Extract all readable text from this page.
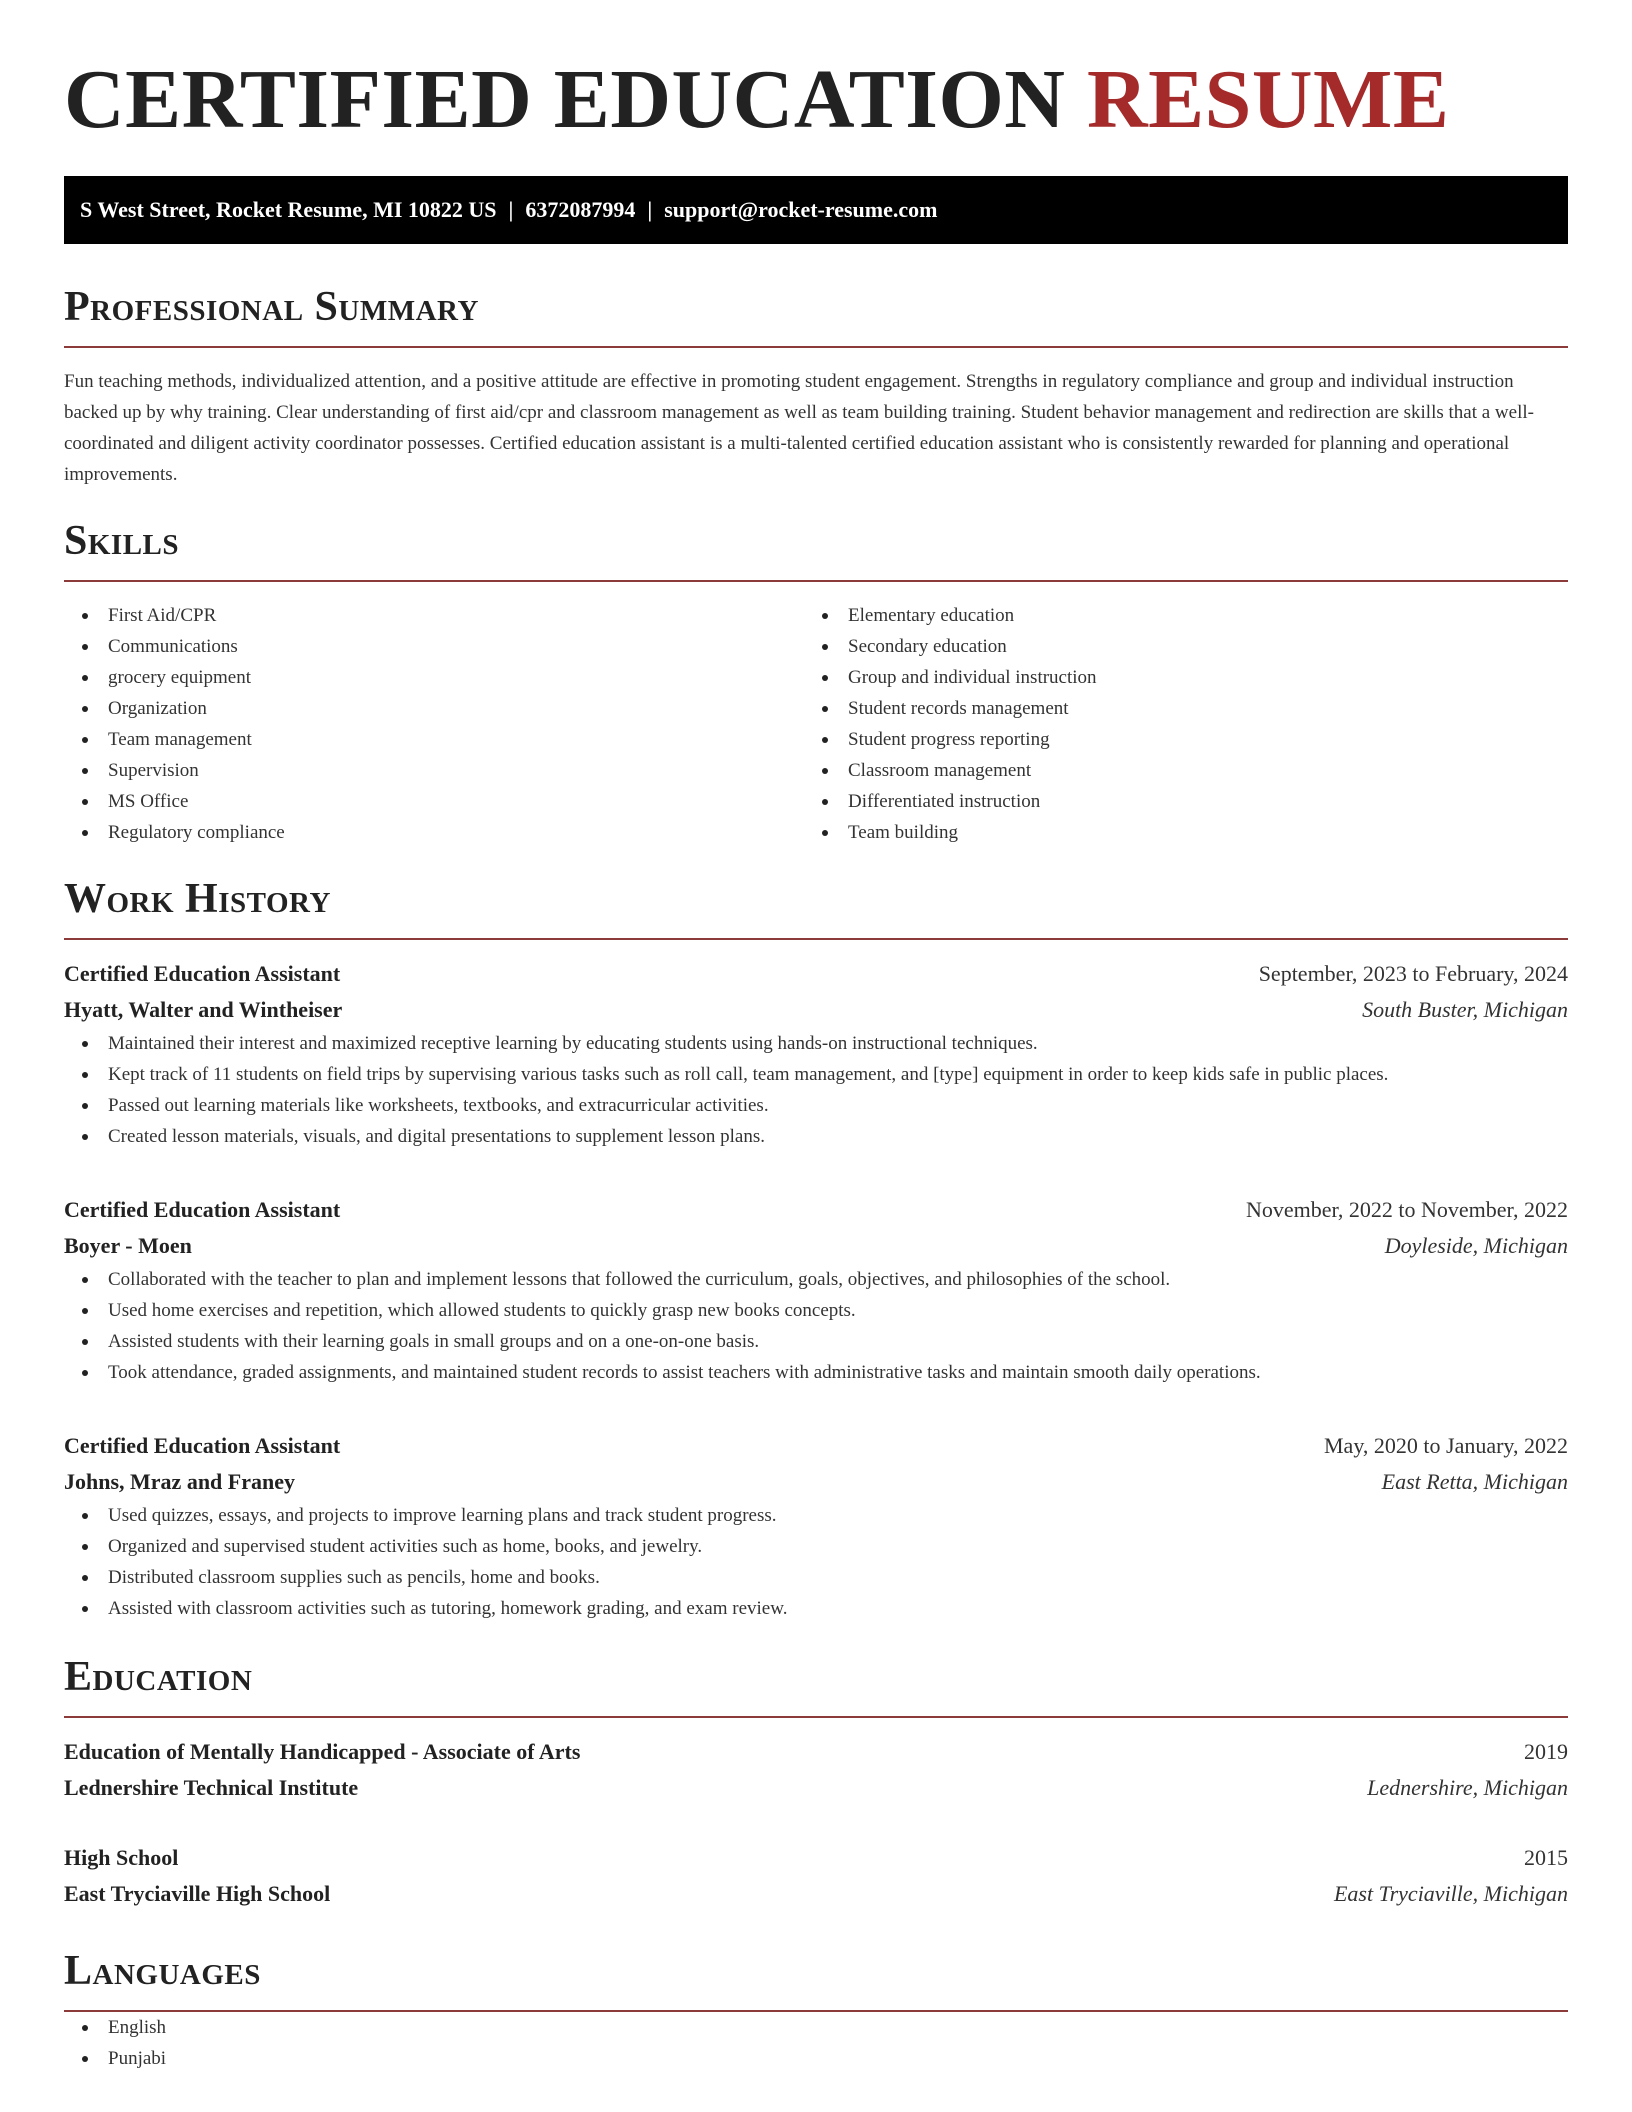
CERTIFIED EDUCATION RESUME
S West Street, Rocket Resume, MI 10822 US | 6372087994 | support@rocket-resume.com
Professional Summary

Fun teaching methods, individualized attention, and a positive attitude are effective in promoting student engagement. Strengths in regulatory compliance and group and individual instruction backed up by why training. Clear understanding of first aid/cpr and classroom management as well as team building training. Student behavior management and redirection are skills that a well-coordinated and diligent activity coordinator possesses. Certified education assistant is a multi-talented certified education assistant who is consistently rewarded for planning and operational improvements.

Skills
First Aid/CPR
Communications
grocery equipment
Organization
Team management
Supervision
MS Office
Regulatory compliance
Elementary education
Secondary education
Group and individual instruction
Student records management
Student progress reporting
Classroom management
Differentiated instruction
Team building
Work History
Certified Education Assistant	September, 2023 to February, 2024
Hyatt, Walter and Wintheiser	South Buster, Michigan
Maintained their interest and maximized receptive learning by educating students using hands-on instructional techniques.
Kept track of 11 students on field trips by supervising various tasks such as roll call, team management, and [type] equipment in order to keep kids safe in public places.
Passed out learning materials like worksheets, textbooks, and extracurricular activities.
Created lesson materials, visuals, and digital presentations to supplement lesson plans.
Certified Education Assistant	November, 2022 to November, 2022
Boyer - Moen	Doyleside, Michigan
Collaborated with the teacher to plan and implement lessons that followed the curriculum, goals, objectives, and philosophies of the school.
Used home exercises and repetition, which allowed students to quickly grasp new books concepts.
Assisted students with their learning goals in small groups and on a one-on-one basis.
Took attendance, graded assignments, and maintained student records to assist teachers with administrative tasks and maintain smooth daily operations.
Certified Education Assistant	May, 2020 to January, 2022
Johns, Mraz and Franey	East Retta, Michigan
Used quizzes, essays, and projects to improve learning plans and track student progress.
Organized and supervised student activities such as home, books, and jewelry.
Distributed classroom supplies such as pencils, home and books.
Assisted with classroom activities such as tutoring, homework grading, and exam review.
Education
Education of Mentally Handicapped - Associate of Arts	2019
Lednershire Technical Institute	Lednershire, Michigan
High School	2015
East Tryciaville High School	East Tryciaville, Michigan
Languages
English
Punjabi
